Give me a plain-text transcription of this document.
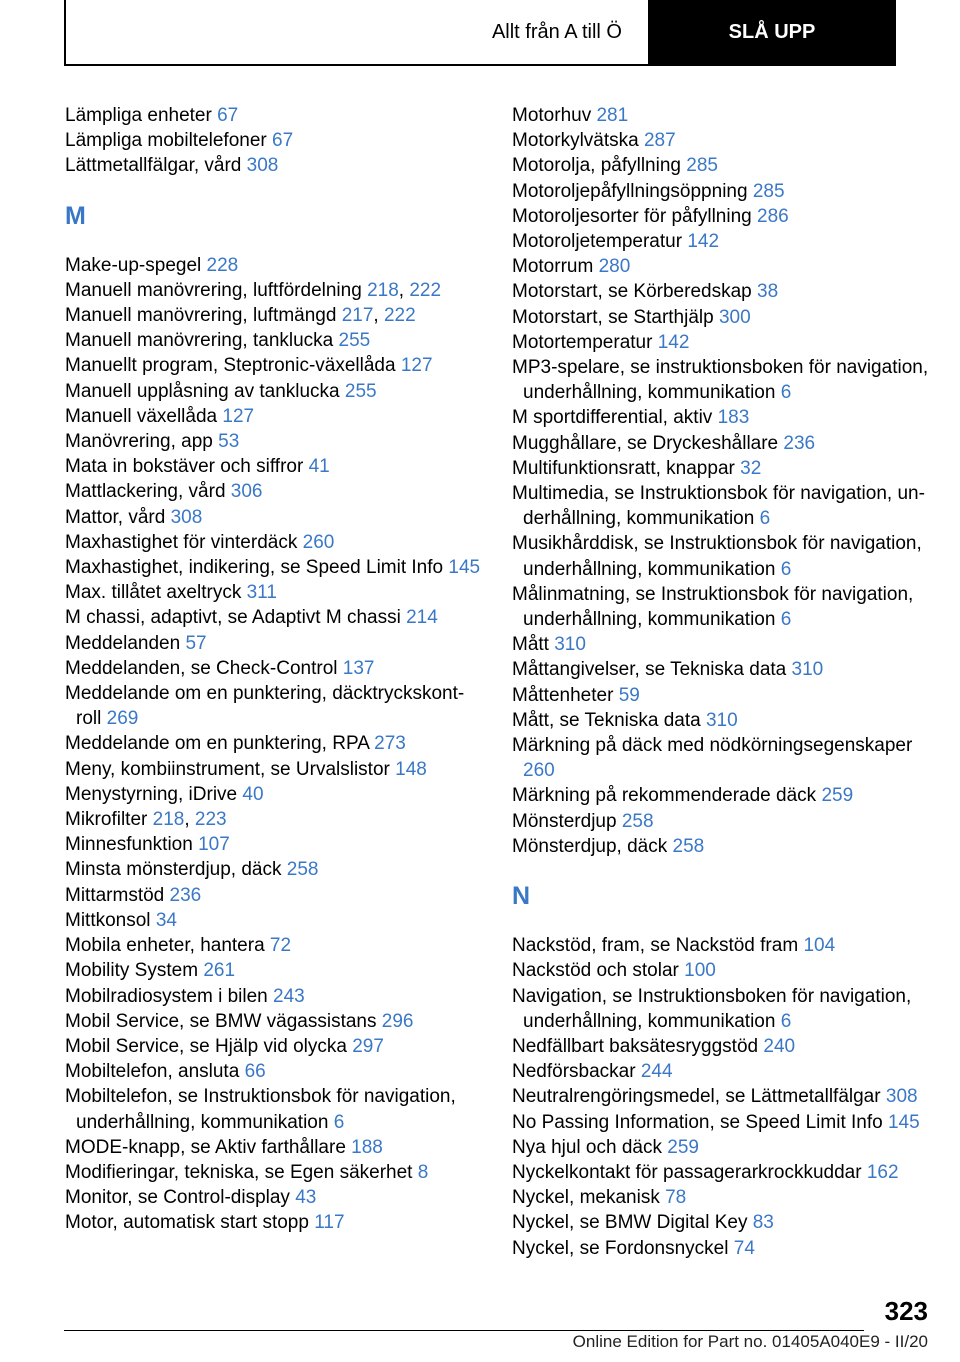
Allt från A till Ö	SLÅ UPP

Lämpliga enheter 67

Lämpliga mobiltelefoner 67

Lättmetallfälgar, vård 308

M

Make-up-spegel 228

Manuell manövrering, luftfördelning 218, 222

Manuell manövrering, luftmängd 217, 222

Manuell manövrering, tanklucka 255

Manuellt program, Steptronic-växellåda 127

Manuell upplåsning av tanklucka 255

Manuell växellåda 127

Manövrering, app 53

Mata in bokstäver och siffror 41

Mattlackering, vård 306

Mattor, vård 308

Maxhastighet för vinterdäck 260

Maxhastighet, indikering, se Speed Limit Info 145

Max. tillåtet axeltryck 311

M chassi, adaptivt, se Adaptivt M chassi 214

Meddelanden 57

Meddelanden, se Check-Control 137

Meddelande om en punktering, däcktryckskontroll 269

Meddelande om en punktering, RPA 273

Meny, kombiinstrument, se Urvalslistor 148

Menystyrning, iDrive 40

Mikrofilter 218, 223

Minnesfunktion 107

Minsta mönsterdjup, däck 258

Mittarmstöd 236

Mittkonsol 34

Mobila enheter, hantera 72

Mobility System 261

Mobilradiosystem i bilen 243

Mobil Service, se BMW vägassistans 296

Mobil Service, se Hjälp vid olycka 297

Mobiltelefon, ansluta 66

Mobiltelefon, se Instruktionsbok för navigation, underhållning, kommunikation 6

MODE-knapp, se Aktiv farthållare 188

Modifieringar, tekniska, se Egen säkerhet 8

Monitor, se Control-display 43

Motor, automatisk start stopp 117

Motorhuv 281

Motorkylvätska 287

Motorolja, påfyllning 285

Motoroljepåfyllningsöppning 285

Motoroljesorter för påfyllning 286

Motoroljetemperatur 142

Motorrum 280

Motorstart, se Körberedskap 38

Motorstart, se Starthjälp 300

Motortemperatur 142

MP3-spelare, se instruktionsboken för navigation, underhållning, kommunikation 6

M sportdifferential, aktiv 183

Mugghållare, se Dryckeshållare 236

Multifunktionsratt, knappar 32

Multimedia, se Instruktionsbok för navigation, underhållning, kommunikation 6

Musikhårddisk, se Instruktionsbok för navigation, underhållning, kommunikation 6

Målinmatning, se Instruktionsbok för navigation, underhållning, kommunikation 6

Mått 310

Måttangivelser, se Tekniska data 310

Måttenheter 59

Mått, se Tekniska data 310

Märkning på däck med nödkörningsegenskaper 260

Märkning på rekommenderade däck 259

Mönsterdjup 258

Mönsterdjup, däck 258

N

Nackstöd, fram, se Nackstöd fram 104

Nackstöd och stolar 100

Navigation, se Instruktionsboken för navigation, underhållning, kommunikation 6

Nedfällbart baksätesryggstöd 240

Nedförsbackar 244

Neutralrengöringsmedel, se Lättmetallfälgar 308

No Passing Information, se Speed Limit Info 145

Nya hjul och däck 259

Nyckelkontakt för passagerarkrockkuddar 162

Nyckel, mekanisk 78

Nyckel, se BMW Digital Key 83

Nyckel, se Fordonsnyckel 74

323
Online Edition for Part no. 01405A040E9 - II/20
